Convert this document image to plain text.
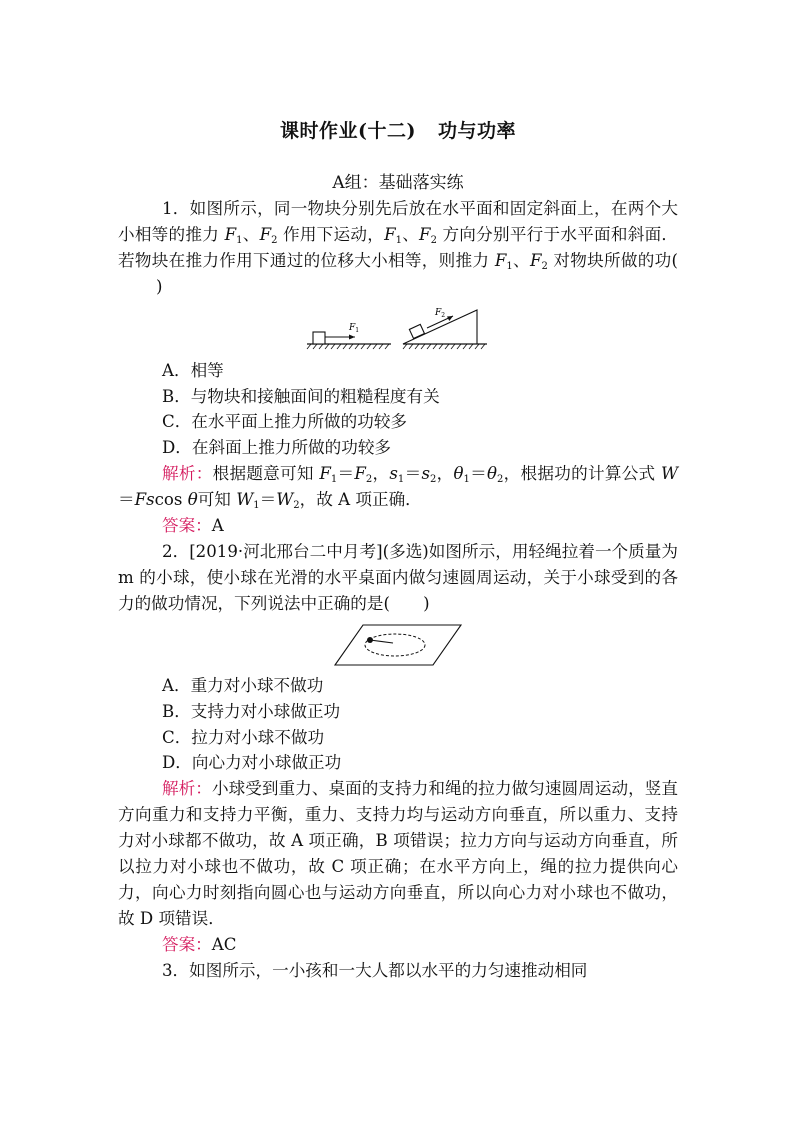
课时作业(十二) 功与功率
A组：基础落实练

1．如图所示，同一物块分别先后放在水平面和固定斜面上，在两个大小相等的推力 $F_1$、$F_2$ 作用下运动，$F_1$、$F_2$ 方向分别平行于水平面和斜面．若物块在推力作用下通过的位移大小相等，则推力 $F_1$、$F_2$ 对物块所做的功()

$F_1$
$F_2$

A．相等

B．与物块和接触面间的粗糙程度有关

C．在水平面上推力所做的功较多

D．在斜面上推力所做的功较多

解析：根据题意可知 $F_1=F_2$，$s_1=s_2$，$\theta_1=\theta_2$，根据功的计算公式 W＝Fscos θ可知 $W_1=W_2$，故 A 项正确．

答案：A

2．[2019·河北邢台二中月考](多选)如图所示，用轻绳拉着一个质量为 m 的小球，使小球在光滑的水平桌面内做匀速圆周运动，关于小球受到的各力的做功情况，下列说法中正确的是(　　)

A．重力对小球不做功

B．支持力对小球做正功

C．拉力对小球不做功

D．向心力对小球做正功

解析：小球受到重力、桌面的支持力和绳的拉力做匀速圆周运动，竖直方向重力和支持力平衡，重力、支持力均与运动方向垂直，所以重力、支持力对小球都不做功，故 A 项正确，B 项错误；拉力方向与运动方向垂直，所以拉力对小球也不做功，故 C 项正确；在水平方向上，绳的拉力提供向心力，向心力时刻指向圆心也与运动方向垂直，所以向心力对小球也不做功，故 D 项错误．

答案：AC

3．如图所示，一小孩和一大人都以水平的力匀速推动相同
